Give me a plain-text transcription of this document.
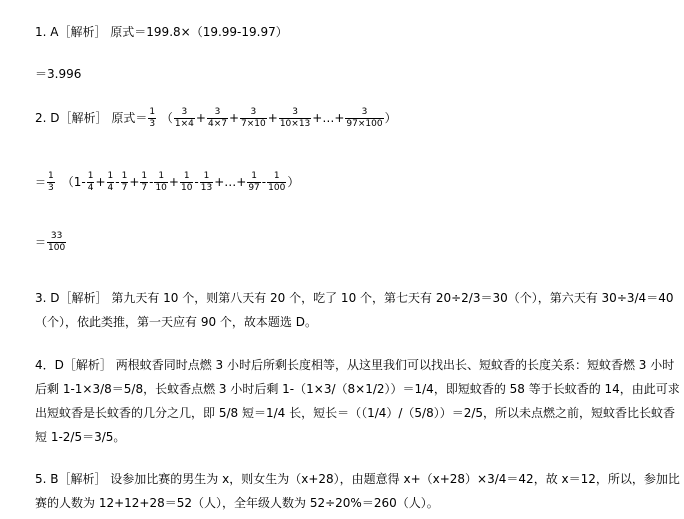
1. A［解析］ 原式＝199.8×（19.99-19.97）
＝3.996
2. D［解析］ 原式＝ $\frac{1}{3}$ （ $\frac{3}{1\times 4} + \frac{3}{4\times 7} + \frac{3}{7\times 10} + \frac{3}{10\times 13}$ +…+ $\frac{3}{97\times 100}$ ）
＝ $\frac{1}{3} (1- \frac{1}{4} + \frac{1}{4} - \frac{1}{7} + \frac{1}{7} - \frac{1}{10} + \frac{1}{10} - \frac{1}{13}$ +…+ $\frac{1}{97} - \frac{1}{100}$ ）
＝ $\frac{33}{100}$
3. D［解析］ 第九天有 10 个，则第八天有 20 个，吃了 10 个，第七天有 20÷2/3＝30（个），第六天有 30÷3/4＝40（个），依此类推，第一天应有 90 个，故本题选 D。
4．D［解析］ 两根蚊香同时点燃 3 小时后所剩长度相等，从这里我们可以找出长、短蚊香的长度关系：短蚊香燃 3 小时后剩 1-1×3/8＝5/8，长蚊香点燃 3 小时后剩 1-（1×3/（8×1/2））＝1/4，即短蚊香的 58 等于长蚊香的 14，由此可求出短蚊香是长蚊香的几分之几，即 5/8 短＝1/4 长，短长＝（（1/4）/（5/8））＝2/5，所以未点燃之前，短蚊香比长蚊香短 1-2/5＝3/5。
5. B［解析］ 设参加比赛的男生为 x，则女生为（x+28），由题意得 x+（x+28）×3/4＝42，故 x＝12，所以，参加比赛的人数为 12+12+28＝52（人），全年级人数为 52÷20%＝260（人）。
